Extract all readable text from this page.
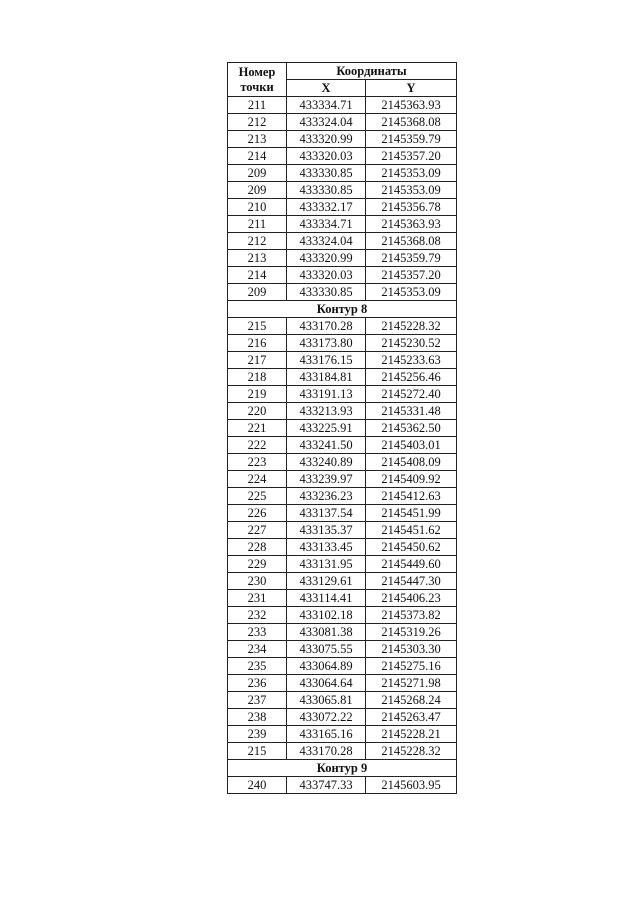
Номер
точки	Координаты	
	X	Y
211	433334.71	2145363.93
212	433324.04	2145368.08
213	433320.99	2145359.79
214	433320.03	2145357.20
209	433330.85	2145353.09
209	433330.85	2145353.09
210	433332.17	2145356.78
211	433334.71	2145363.93
212	433324.04	2145368.08
213	433320.99	2145359.79
214	433320.03	2145357.20
209	433330.85	2145353.09
Контур 8		
215	433170.28	2145228.32
216	433173.80	2145230.52
217	433176.15	2145233.63
218	433184.81	2145256.46
219	433191.13	2145272.40
220	433213.93	2145331.48
221	433225.91	2145362.50
222	433241.50	2145403.01
223	433240.89	2145408.09
224	433239.97	2145409.92
225	433236.23	2145412.63
226	433137.54	2145451.99
227	433135.37	2145451.62
228	433133.45	2145450.62
229	433131.95	2145449.60
230	433129.61	2145447.30
231	433114.41	2145406.23
232	433102.18	2145373.82
233	433081.38	2145319.26
234	433075.55	2145303.30
235	433064.89	2145275.16
236	433064.64	2145271.98
237	433065.81	2145268.24
238	433072.22	2145263.47
239	433165.16	2145228.21
215	433170.28	2145228.32
Контур 9		
240	433747.33	2145603.95
